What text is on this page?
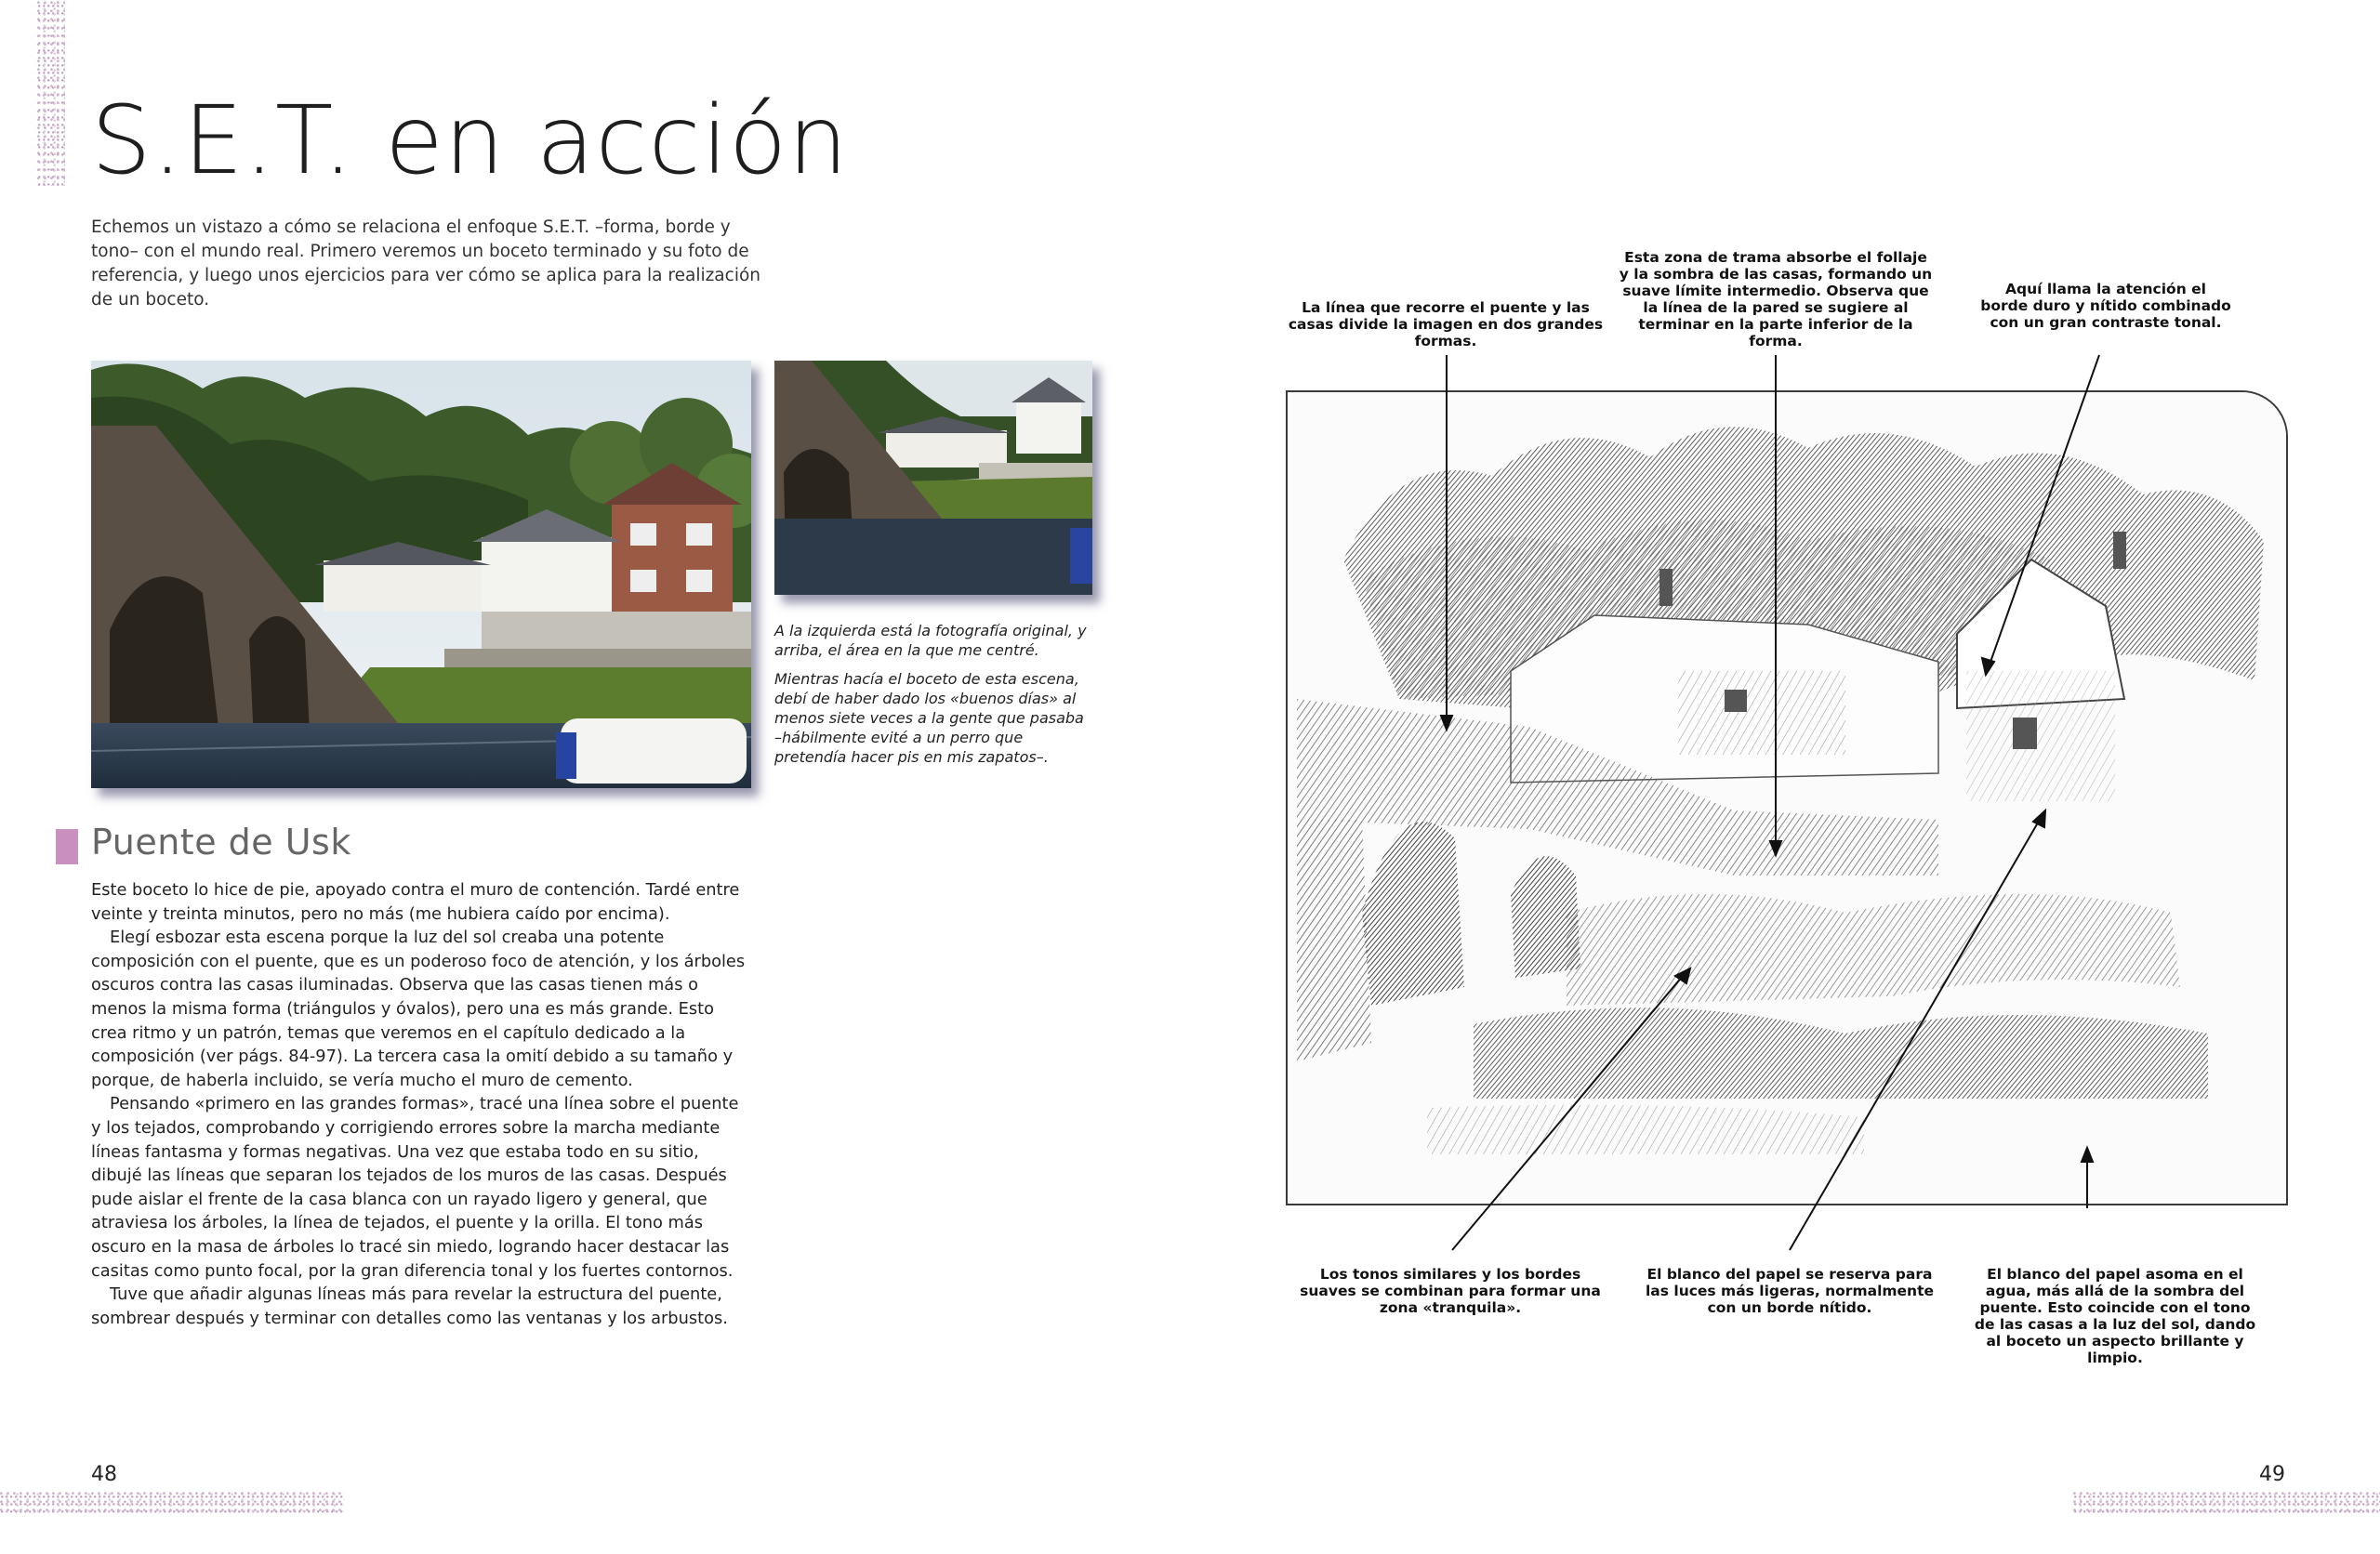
S.E.T. en acción
Echemos un vistazo a cómo se relaciona el enfoque S.E.T. –forma, borde y tono– con el mundo real. Primero veremos un boceto terminado y su foto de referencia, y luego unos ejercicios para ver cómo se aplica para la realización de un boceto.

A la izquierda está la fotografía original, y arriba, el área en la que me centré.

Mientras hacía el boceto de esta escena, debí de haber dado los «buenos días» al menos siete veces a la gente que pasaba –hábilmente evité a un perro que pretendía hacer pis en mis zapatos–.

Puente de Usk

Este boceto lo hice de pie, apoyado contra el muro de contención. Tardé entre veinte y treinta minutos, pero no más (me hubiera caído por encima).

Elegí esbozar esta escena porque la luz del sol creaba una potente composición con el puente, que es un poderoso foco de atención, y los árboles oscuros contra las casas iluminadas. Observa que las casas tienen más o menos la misma forma (triángulos y óvalos), pero una es más grande. Esto crea ritmo y un patrón, temas que veremos en el capítulo dedicado a la composición (ver págs. 84-97). La tercera casa la omití debido a su tamaño y porque, de haberla incluido, se vería mucho el muro de cemento.

Pensando «primero en las grandes formas», tracé una línea sobre el puente y los tejados, comprobando y corrigiendo errores sobre la marcha mediante líneas fantasma y formas negativas. Una vez que estaba todo en su sitio, dibujé las líneas que separan los tejados de los muros de las casas. Después pude aislar el frente de la casa blanca con un rayado ligero y general, que atraviesa los árboles, la línea de tejados, el puente y la orilla. El tono más oscuro en la masa de árboles lo tracé sin miedo, logrando hacer destacar las casitas como punto focal, por la gran diferencia tonal y los fuertes contornos.

Tuve que añadir algunas líneas más para revelar la estructura del puente, sombrear después y terminar con detalles como las ventanas y los arbustos.

48
La línea que recorre el puente y las casas divide la imagen en dos grandes formas.
Esta zona de trama absorbe el follaje y la sombra de las casas, formando un suave límite intermedio. Observa que la línea de la pared se sugiere al terminar en la parte inferior de la forma.
Aquí llama la atención el borde duro y nítido combinado con un gran contraste tonal.
Los tonos similares y los bordes suaves se combinan para formar una zona «tranquila».
El blanco del papel se reserva para las luces más ligeras, normalmente con un borde nítido.
El blanco del papel asoma en el agua, más allá de la sombra del puente. Esto coincide con el tono de las casas a la luz del sol, dando al boceto un aspecto brillante y limpio.
49
